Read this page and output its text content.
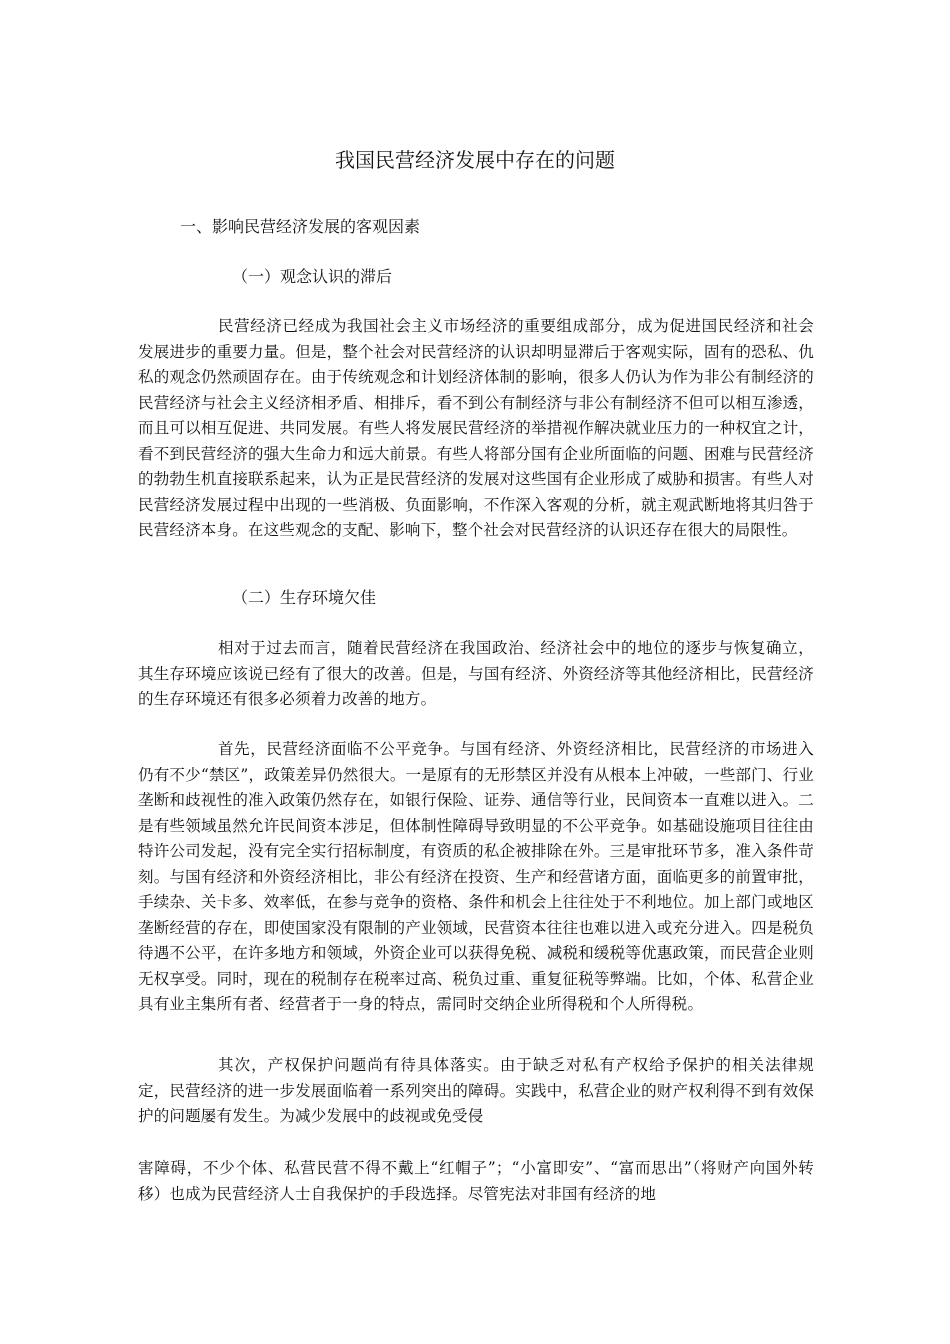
我国民营经济发展中存在的问题
一、影响民营经济发展的客观因素
（一）观念认识的滞后

民营经济已经成为我国社会主义市场经济的重要组成部分，成为促进国民经济和社会发展进步的重要力量。但是，整个社会对民营经济的认识却明显滞后于客观实际，固有的恐私、仇私的观念仍然顽固存在。由于传统观念和计划经济体制的影响，很多人仍认为作为非公有制经济的民营经济与社会主义经济相矛盾、相排斥，看不到公有制经济与非公有制经济不但可以相互渗透，而且可以相互促进、共同发展。有些人将发展民营经济的举措视作解决就业压力的一种权宜之计，看不到民营经济的强大生命力和远大前景。有些人将部分国有企业所面临的问题、困难与民营经济的勃勃生机直接联系起来，认为正是民营经济的发展对这些国有企业形成了威胁和损害。有些人对民营经济发展过程中出现的一些消极、负面影响，不作深入客观的分析，就主观武断地将其归咎于民营经济本身。在这些观念的支配、影响下，整个社会对民营经济的认识还存在很大的局限性。

（二）生存环境欠佳

相对于过去而言，随着民营经济在我国政治、经济社会中的地位的逐步与恢复确立，其生存环境应该说已经有了很大的改善。但是，与国有经济、外资经济等其他经济相比，民营经济的生存环境还有很多必须着力改善的地方。

首先，民营经济面临不公平竞争。与国有经济、外资经济相比，民营经济的市场进入仍有不少“禁区”，政策差异仍然很大。一是原有的无形禁区并没有从根本上冲破，一些部门、行业垄断和歧视性的准入政策仍然存在，如银行保险、证券、通信等行业，民间资本一直难以进入。二是有些领域虽然允许民间资本涉足，但体制性障碍导致明显的不公平竞争。如基础设施项目往往由特许公司发起，没有完全实行招标制度，有资质的私企被排除在外。三是审批环节多，准入条件苛刻。与国有经济和外资经济相比，非公有经济在投资、生产和经营诸方面，面临更多的前置审批，手续杂、关卡多、效率低，在参与竞争的资格、条件和机会上往往处于不利地位。加上部门或地区垄断经营的存在，即使国家没有限制的产业领域，民营资本往往也难以进入或充分进入。四是税负待遇不公平，在许多地方和领域，外资企业可以获得免税、减税和缓税等优惠政策，而民营企业则无权享受。同时，现在的税制存在税率过高、税负过重、重复征税等弊端。比如，个体、私营企业具有业主集所有者、经营者于一身的特点，需同时交纳企业所得税和个人所得税。

其次，产权保护问题尚有待具体落实。由于缺乏对私有产权给予保护的相关法律规定，民营经济的进一步发展面临着一系列突出的障碍。实践中，私营企业的财产权利得不到有效保护的问题屡有发生。为减少发展中的歧视或免受侵

害障碍，不少个体、私营民营不得不戴上“红帽子”；“小富即安”、“富而思出”（将财产向国外转移）也成为民营经济人士自我保护的手段选择。尽管宪法对非国有经济的地
